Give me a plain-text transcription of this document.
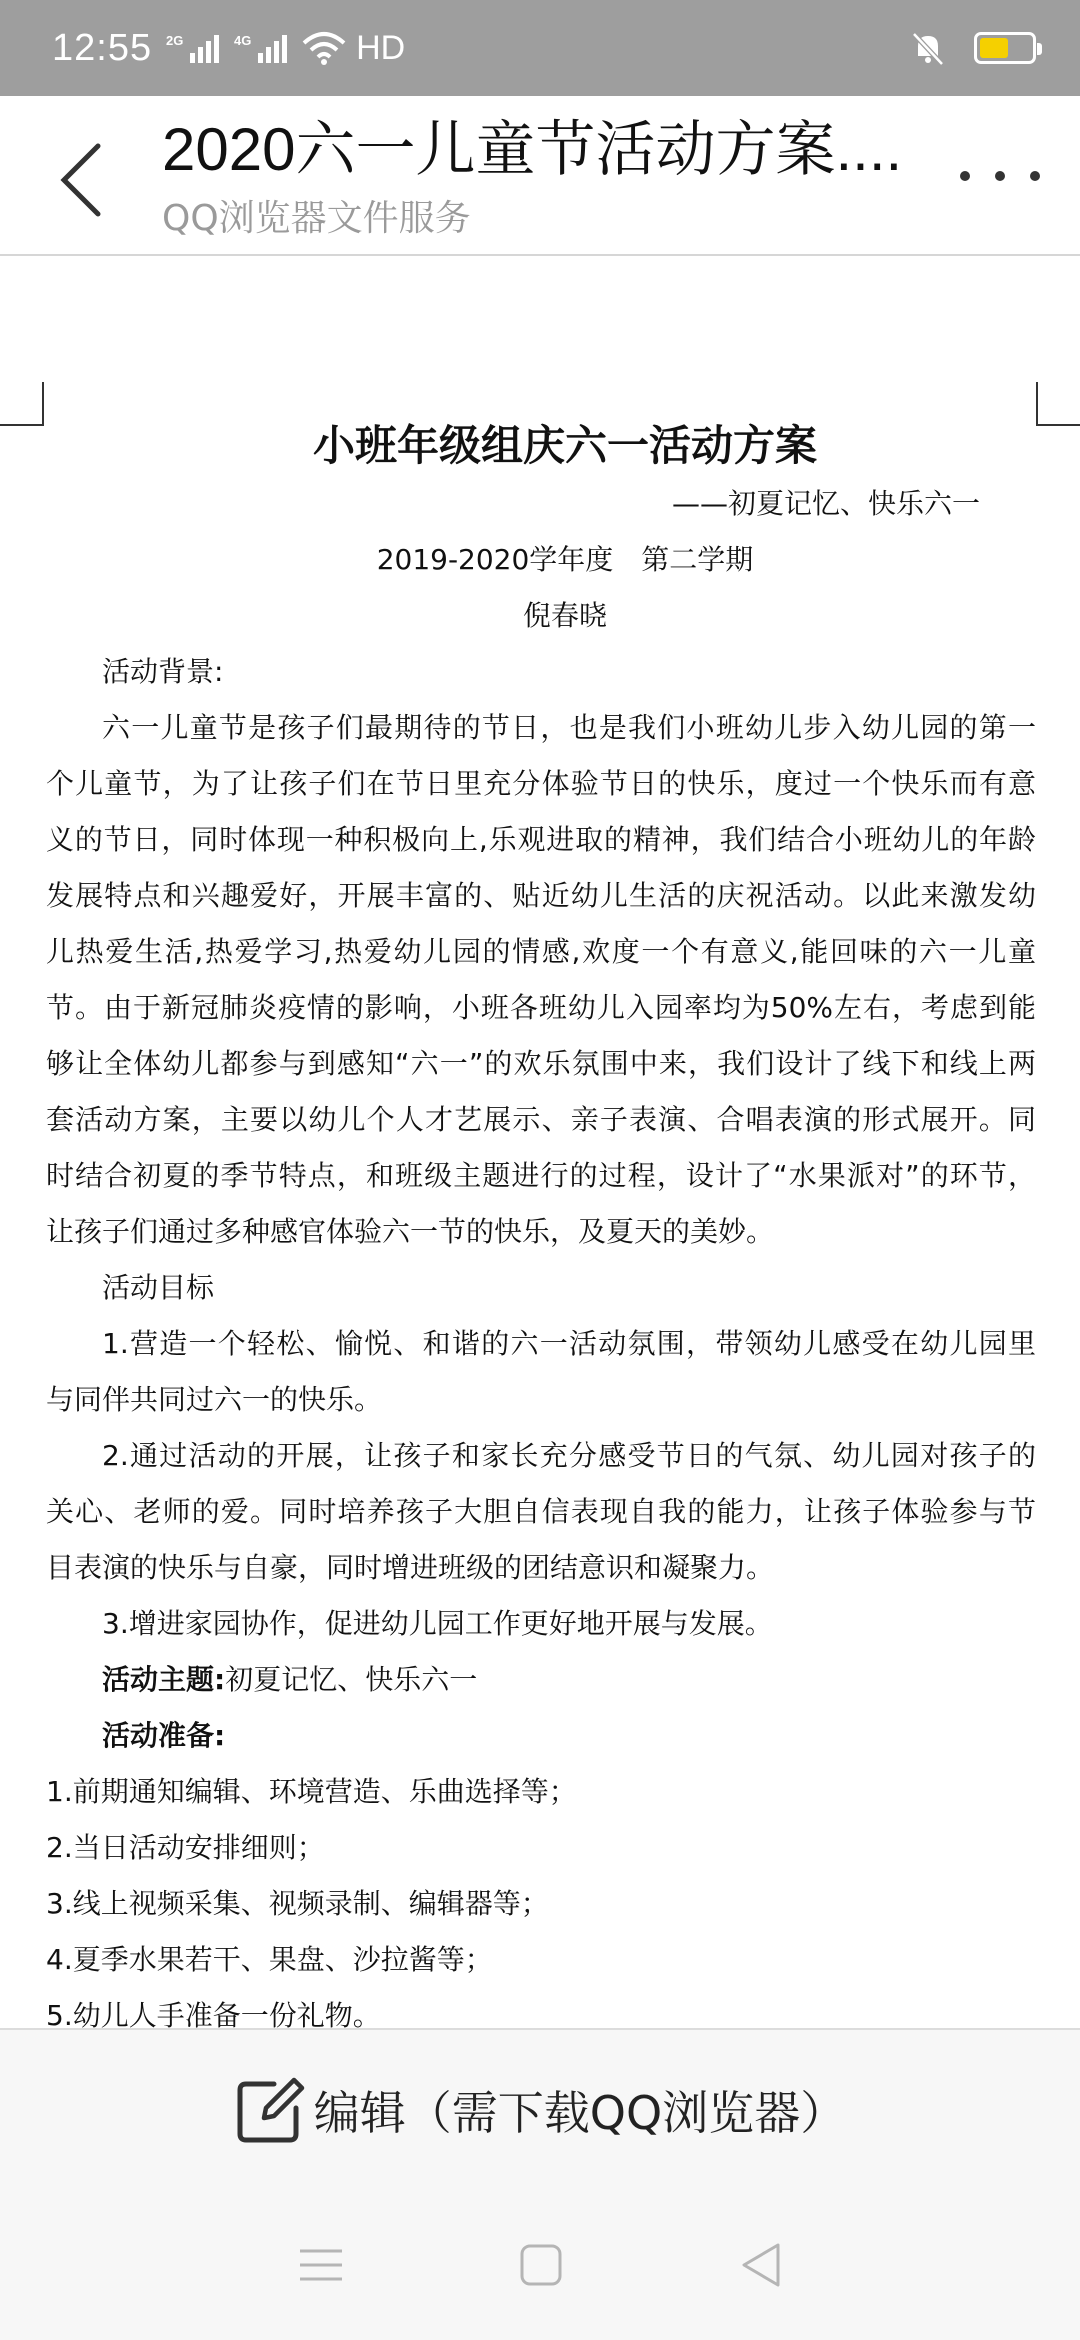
12:55 2G	4G	HD
2020六一儿童节活动方案....
QQ浏览器文件服务
小班年级组庆六一活动方案
——初夏记忆、快乐六一
2019-2020学年度　第二学期
倪春晓
活动背景:
六一儿童节是孩子们最期待的节日，也是我们小班幼儿步入幼儿园的第一
个儿童节，为了让孩子们在节日里充分体验节日的快乐，度过一个快乐而有意
义的节日，同时体现一种积极向上,乐观进取的精神，我们结合小班幼儿的年龄
发展特点和兴趣爱好，开展丰富的、贴近幼儿生活的庆祝活动。以此来激发幼
儿热爱生活,热爱学习,热爱幼儿园的情感,欢度一个有意义,能回味的六一儿童
节。由于新冠肺炎疫情的影响，小班各班幼儿入园率均为50%左右，考虑到能
够让全体幼儿都参与到感知“六一”的欢乐氛围中来，我们设计了线下和线上两
套活动方案，主要以幼儿个人才艺展示、亲子表演、合唱表演的形式展开。同
时结合初夏的季节特点，和班级主题进行的过程，设计了“水果派对”的环节，
让孩子们通过多种感官体验六一节的快乐，及夏天的美妙。
活动目标
1.营造一个轻松、愉悦、和谐的六一活动氛围，带领幼儿感受在幼儿园里
与同伴共同过六一的快乐。
2.通过活动的开展，让孩子和家长充分感受节日的气氛、幼儿园对孩子的
关心、老师的爱。同时培养孩子大胆自信表现自我的能力，让孩子体验参与节
目表演的快乐与自豪，同时增进班级的团结意识和凝聚力。
3.增进家园协作，促进幼儿园工作更好地开展与发展。
活动主题:初夏记忆、快乐六一
活动准备:
1.前期通知编辑、环境营造、乐曲选择等；
2.当日活动安排细则；
3.线上视频采集、视频录制、编辑器等；
4.夏季水果若干、果盘、沙拉酱等；
5.幼儿人手准备一份礼物。
编辑（需下载QQ浏览器）
